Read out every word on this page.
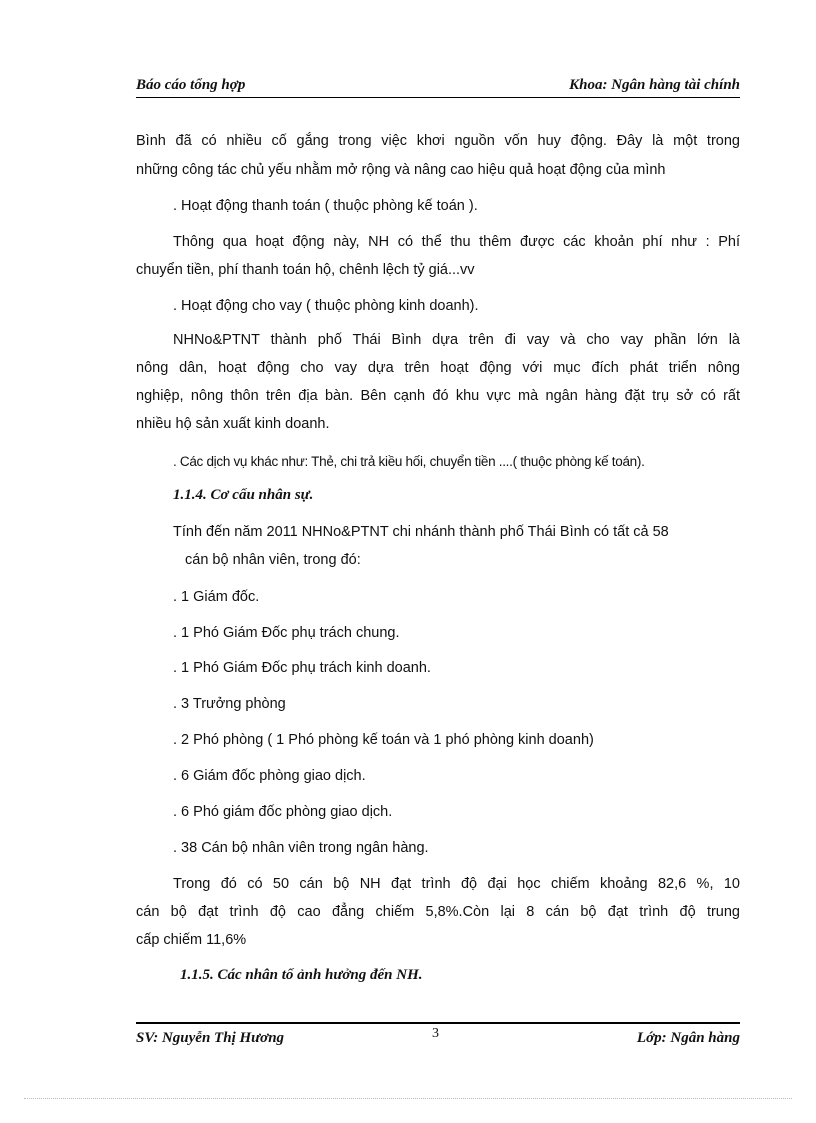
Báo cáo tổng hợp	Khoa: Ngân hàng tài chính

Bình đã có nhiều cố gắng trong việc khơi nguồn vốn huy động. Đây là một trong

những công tác chủ yếu nhằm mở rộng và nâng cao hiệu quả hoạt động của mình

. Hoạt động thanh toán ( thuộc phòng kế toán ).

Thông qua hoạt động này, NH có thể thu thêm được các khoản phí như : Phí

chuyển tiền, phí thanh toán hộ, chênh lệch tỷ giá...vv

. Hoạt động cho vay ( thuộc phòng kinh doanh).

NHNo&PTNT thành phố Thái Bình dựa trên đi vay và cho vay phần lớn là

nông dân, hoạt động cho vay dựa trên hoạt động với mục đích phát triển nông

nghiệp, nông thôn trên địa bàn. Bên cạnh đó khu vực mà ngân hàng đặt trụ sở có rất

nhiều hộ sản xuất kinh doanh.

. Các dịch vụ khác như: Thẻ, chi trả kiều hối, chuyển tiền ....( thuộc phòng kế toán).

1.1.4. Cơ cấu nhân sự.

Tính đến năm 2011 NHNo&PTNT chi nhánh thành phố Thái Bình có tất cả 58

cán bộ nhân viên, trong đó:

. 1 Giám đốc.

. 1 Phó Giám Đốc phụ trách chung.

. 1 Phó Giám Đốc phụ trách kinh doanh.

. 3 Trưởng phòng

. 2 Phó phòng ( 1 Phó phòng kế toán và 1 phó phòng kinh doanh)

. 6 Giám đốc phòng giao dịch.

. 6 Phó giám đốc phòng giao dịch.

. 38 Cán bộ nhân viên trong ngân hàng.

Trong đó có 50 cán bộ NH đạt trình độ đại học chiếm khoảng 82,6 %, 10

cán bộ đạt trình độ cao đẳng chiếm 5,8%.Còn lại 8 cán bộ đạt trình độ trung

cấp chiếm 11,6%

1.1.5. Các nhân tố ảnh hưởng đến NH.

SV: Nguyễn Thị Hương	3	Lớp: Ngân hàng
